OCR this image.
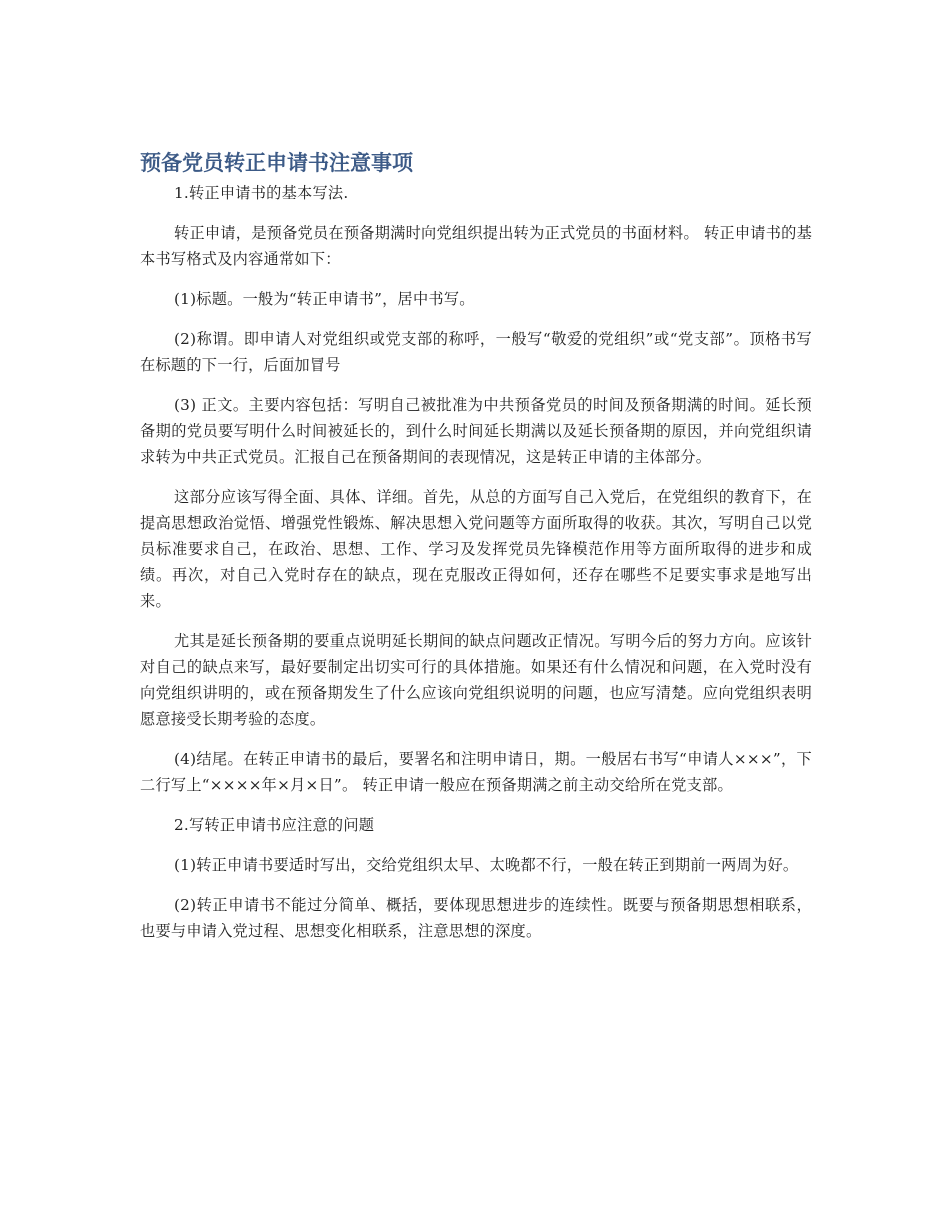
预备党员转正申请书注意事项

1.转正申请书的基本写法.

转正申请，是预备党员在预备期满时向党组织提出转为正式党员的书面材料。 转正申请书的基本书写格式及内容通常如下：

(1)标题。一般为“转正申请书”，居中书写。

(2)称谓。即申请人对党组织或党支部的称呼，一般写“敬爱的党组织”或“党支部”。顶格书写在标题的下一行，后面加冒号

(3) 正文。主要内容包括：写明自己被批准为中共预备党员的时间及预备期满的时间。延长预备期的党员要写明什么时间被延长的，到什么时间延长期满以及延长预备期的原因，并向党组织请求转为中共正式党员。汇报自己在预备期间的表现情况，这是转正申请的主体部分。

这部分应该写得全面、具体、详细。首先，从总的方面写自己入党后，在党组织的教育下，在提高思想政治觉悟、增强党性锻炼、解决思想入党问题等方面所取得的收获。其次，写明自己以党员标准要求自己，在政治、思想、工作、学习及发挥党员先锋模范作用等方面所取得的进步和成绩。再次，对自己入党时存在的缺点，现在克服改正得如何，还存在哪些不足要实事求是地写出来。

尤其是延长预备期的要重点说明延长期间的缺点问题改正情况。写明今后的努力方向。应该针对自己的缺点来写，最好要制定出切实可行的具体措施。如果还有什么情况和问题，在入党时没有向党组织讲明的，或在预备期发生了什么应该向党组织说明的问题，也应写清楚。应向党组织表明愿意接受长期考验的态度。

(4)结尾。在转正申请书的最后，要署名和注明申请日，期。一般居右书写“申请人×××”，下二行写上“××××年×月×日”。 转正申请一般应在预备期满之前主动交给所在党支部。

2.写转正申请书应注意的问题

(1)转正申请书要适时写出，交给党组织太早、太晚都不行，一般在转正到期前一两周为好。

(2)转正申请书不能过分简单、概括，要体现思想进步的连续性。既要与预备期思想相联系，也要与申请入党过程、思想变化相联系，注意思想的深度。
